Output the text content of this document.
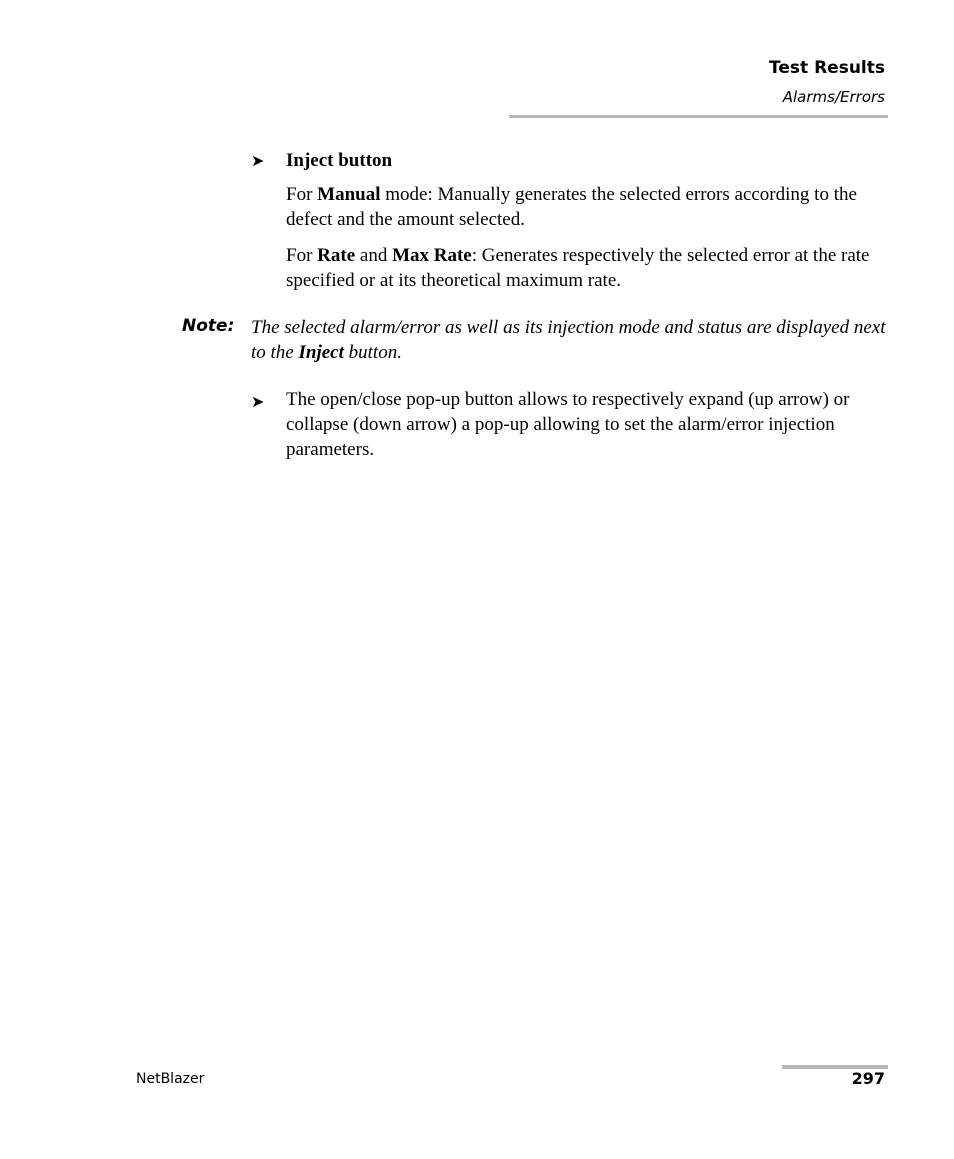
Test Results
Alarms/Errors
➤ Inject button
For Manual mode: Manually generates the selected errors according to the defect and the amount selected.
For Rate and Max Rate: Generates respectively the selected error at the rate specified or at its theoretical maximum rate.
Note: The selected alarm/error as well as its injection mode and status are displayed next to the Inject button.
➤ The open/close pop-up button allows to respectively expand (up arrow) or collapse (down arrow) a pop-up allowing to set the alarm/error injection parameters.
NetBlazer	297
